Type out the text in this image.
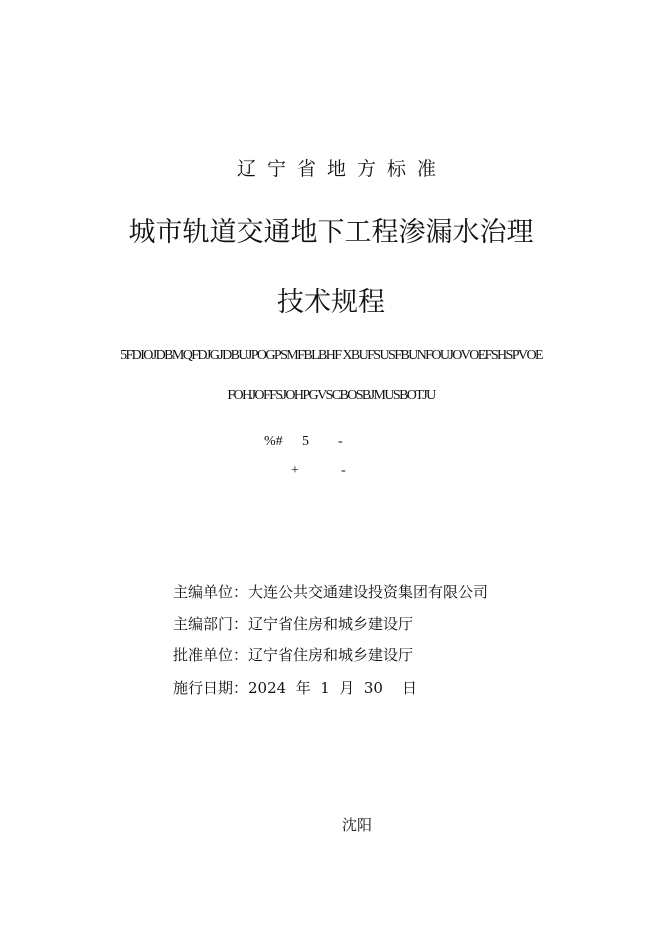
辽宁省地方标准
城市轨道交通地下工程渗漏水治理
技术规程
5FDIOJDBMQFDJGJDBUJPOGPSMFBLBHF XBUFSUSFBUNFOUJOVOEFSHSPVOE
FOHJOFFSJOHPGVSCBOSBJMUSBOTJU
%# 5 -
+	-
主编单位：大连公共交通建设投资集团有限公司
主编部门：辽宁省住房和城乡建设厅
批准单位：辽宁省住房和城乡建设厅
施行日期：2024  年  1  月  30    日
沈阳
